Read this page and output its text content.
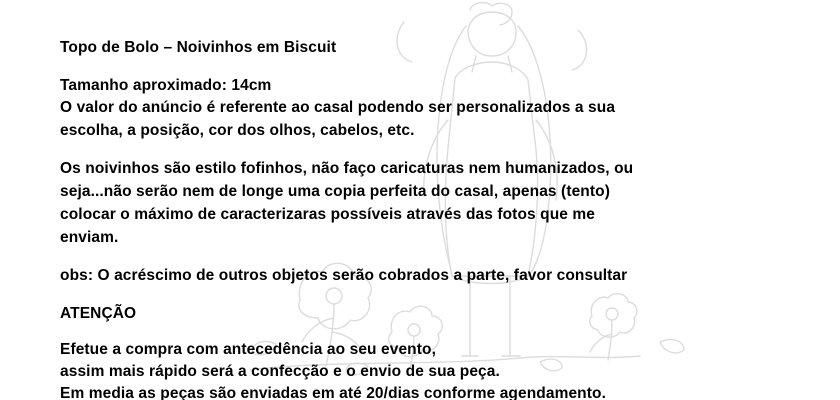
Topo de Bolo – Noivinhos em Biscuit
Tamanho aproximado: 14cm
O valor do anúncio é referente ao casal podendo ser personalizados a sua
escolha, a posição, cor dos olhos, cabelos, etc.
Os noivinhos são estilo fofinhos, não faço caricaturas nem humanizados, ou
seja...não serão nem de longe uma copia perfeita do casal, apenas (tento)
colocar o máximo de caracterizaras possíveis através das fotos que me
enviam.
obs: O acréscimo de outros objetos serão cobrados a parte, favor consultar
ATENÇÃO
Efetue a compra com antecedência ao seu evento,
assim mais rápido será a confecção e o envio de sua peça.
Em media as peças são enviadas em até 20/dias conforme agendamento.
